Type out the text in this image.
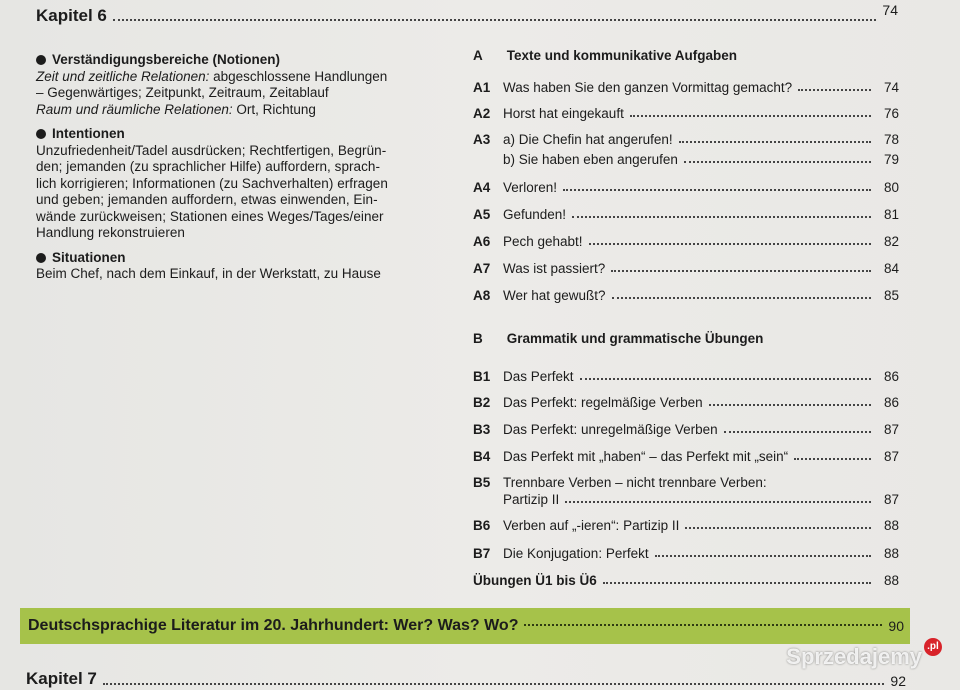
Kapitel 6	74
Verständigungsbereiche (Notionen)
Zeit und zeitliche Relationen: abgeschlossene Handlungen
– Gegenwärtiges; Zeitpunkt, Zeitraum, Zeitablauf
Raum und räumliche Relationen: Ort, Richtung
Intentionen
Unzufriedenheit/Tadel ausdrücken; Rechtfertigen, Begrün-
den; jemanden (zu sprachlicher Hilfe) auffordern, sprach-
lich korrigieren; Informationen (zu Sachverhalten) erfragen
und geben; jemanden auffordern, etwas einwenden, Ein-
wände zurückweisen; Stationen eines Weges/Tages/einer
Handlung rekonstruieren
Situationen
Beim Chef, nach dem Einkauf, in der Werkstatt, zu Hause
A Texte und kommunikative Aufgaben
A1 Was haben Sie den ganzen Vormittag gemacht?	74
A2 Horst hat eingekauft	76
A3 a) Die Chefin hat angerufen!	78
b) Sie haben eben angerufen	79
A4 Verloren!	80
A5 Gefunden!	81
A6 Pech gehabt!	82
A7 Was ist passiert?	84
A8 Wer hat gewußt?	85
B Grammatik und grammatische Übungen
B1 Das Perfekt	86
B2 Das Perfekt: regelmäßige Verben	86
B3 Das Perfekt: unregelmäßige Verben	87
B4 Das Perfekt mit „haben“ – das Perfekt mit „sein“	87
B5 Trennbare Verben – nicht trennbare Verben:
Partizip II	87
B6 Verben auf „-ieren“: Partizip II	88
B7 Die Konjugation: Perfekt	88
Übungen Ü1 bis Ü6	88
Deutschsprachige Literatur im 20. Jahrhundert: Wer? Was? Wo?	90
Kapitel 7	92
Sprzedajemy .pl
